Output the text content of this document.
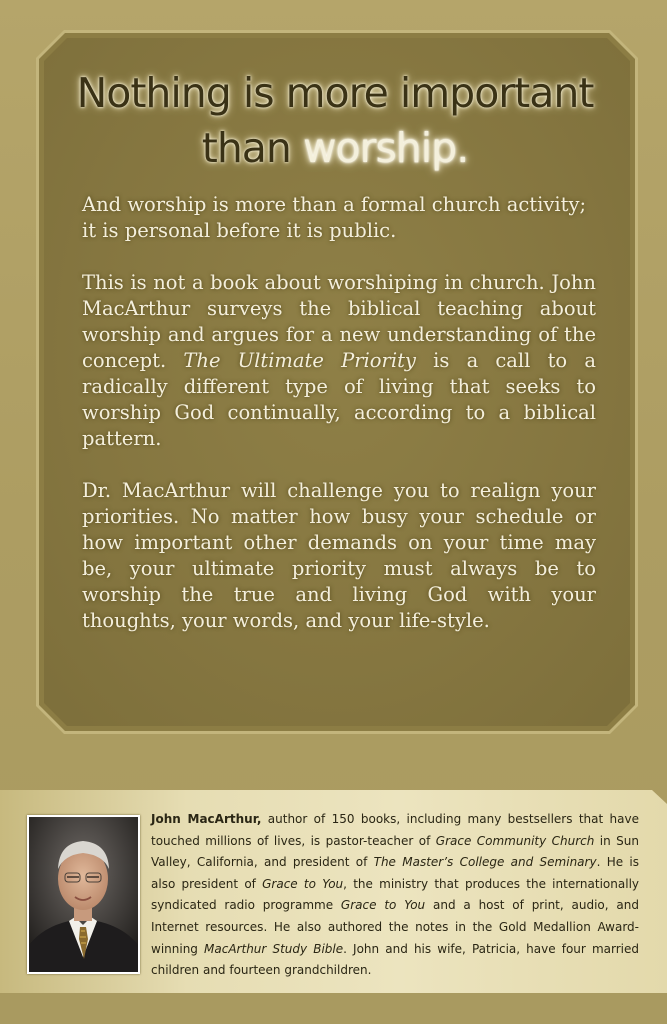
Nothing is more important
than worship.

And worship is more than a formal church activity; it is personal before it is public.

This is not a book about worshiping in church. John MacArthur surveys the biblical teaching about worship and argues for a new understanding of the concept. The Ultimate Priority is a call to a radically different type of living that seeks to worship God continually, according to a biblical pattern.

Dr. MacArthur will challenge you to realign your priorities. No matter how busy your schedule or how important other demands on your time may be, your ultimate priority must always be to worship the true and living God with your thoughts, your words, and your life-style.

John MacArthur, author of 150 books, including many bestsellers that have touched millions of lives, is pastor-teacher of Grace Community Church in Sun Valley, California, and president of The Master’s College and Seminary. He is also president of Grace to You, the ministry that produces the internationally syndicated radio programme Grace to You and a host of print, audio, and Internet resources. He also authored the notes in the Gold Medallion Award-winning MacArthur Study Bible. John and his wife, Patricia, have four married children and fourteen grandchildren.
